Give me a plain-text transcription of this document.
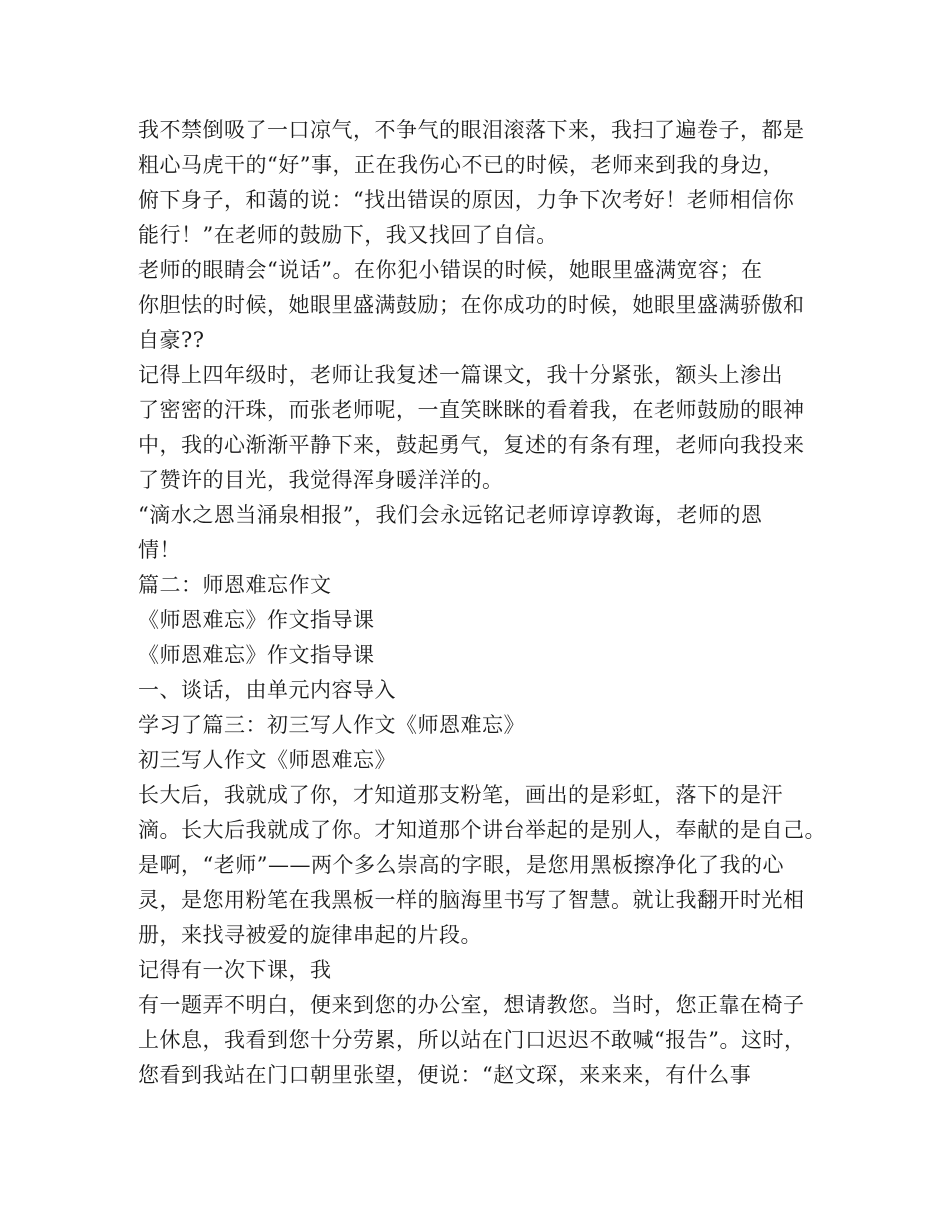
我不禁倒吸了一口凉气，不争气的眼泪滚落下来，我扫了遍卷子，都是
粗心马虎干的“好”事，正在我伤心不已的时候，老师来到我的身边，
俯下身子，和蔼的说：“找出错误的原因，力争下次考好！老师相信你
能行！”在老师的鼓励下，我又找回了自信。
老师的眼睛会“说话”。在你犯小错误的时候，她眼里盛满宽容；在
你胆怯的时候，她眼里盛满鼓励；在你成功的时候，她眼里盛满骄傲和
自豪??
记得上四年级时，老师让我复述一篇课文，我十分紧张，额头上渗出
了密密的汗珠，而张老师呢，一直笑眯眯的看着我，在老师鼓励的眼神
中，我的心渐渐平静下来，鼓起勇气，复述的有条有理，老师向我投来
了赞许的目光，我觉得浑身暖洋洋的。
“滴水之恩当涌泉相报”，我们会永远铭记老师谆谆教诲，老师的恩
情！
篇二：师恩难忘作文
《师恩难忘》作文指导课
《师恩难忘》作文指导课
一、谈话，由单元内容导入
学习了篇三：初三写人作文《师恩难忘》
初三写人作文《师恩难忘》
长大后，我就成了你，才知道那支粉笔，画出的是彩虹，落下的是汗
滴。长大后我就成了你。才知道那个讲台举起的是别人，奉献的是自己。
是啊，“老师”——两个多么崇高的字眼，是您用黑板擦净化了我的心
灵，是您用粉笔在我黑板一样的脑海里书写了智慧。就让我翻开时光相
册，来找寻被爱的旋律串起的片段。
记得有一次下课，我
有一题弄不明白，便来到您的办公室，想请教您。当时，您正靠在椅子
上休息，我看到您十分劳累，所以站在门口迟迟不敢喊“报告”。这时，
您看到我站在门口朝里张望，便说：“赵文琛，来来来，有什么事
